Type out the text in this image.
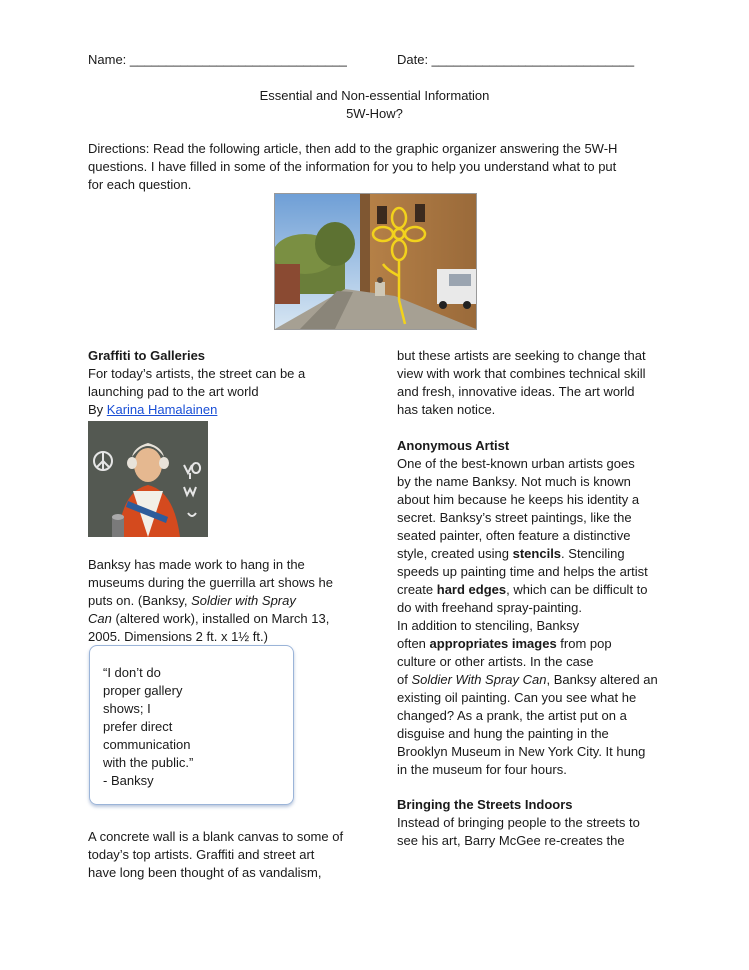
Name: ______________________________	Date: ____________________________
Essential and Non-essential Information
5W-How?
Directions: Read the following article, then add to the graphic organizer answering the 5W-H
questions. I have filled in some of the information for you to help you understand what to put
for each question.
Graffiti to Galleries
For today’s artists, the street can be a
launching pad to the art world
By Karina Hamalainen
Banksy has made work to hang in the
museums during the guerrilla art shows he
puts on. (Banksy, Soldier with Spray
Can (altered work), installed on March 13,
2005. Dimensions 2 ft. x 1½ ft.)
“I don’t do
proper gallery
shows; I
prefer direct
communication
with the public.”
- Banksy
A concrete wall is a blank canvas to some of
today’s top artists. Graffiti and street art
have long been thought of as vandalism,
but these artists are seeking to change that
view with work that combines technical skill
and fresh, innovative ideas. The art world
has taken notice.
Anonymous Artist
One of the best-known urban artists goes
by the name Banksy. Not much is known
about him because he keeps his identity a
secret. Banksy’s street paintings, like the
seated painter, often feature a distinctive
style, created using stencils. Stenciling
speeds up painting time and helps the artist
create hard edges, which can be difficult to
do with freehand spray-painting.
In addition to stenciling, Banksy
often appropriates images from pop
culture or other artists. In the case
of Soldier With Spray Can, Banksy altered an
existing oil painting. Can you see what he
changed? As a prank, the artist put on a
disguise and hung the painting in the
Brooklyn Museum in New York City. It hung
in the museum for four hours.
Bringing the Streets Indoors
Instead of bringing people to the streets to
see his art, Barry McGee re-creates the
